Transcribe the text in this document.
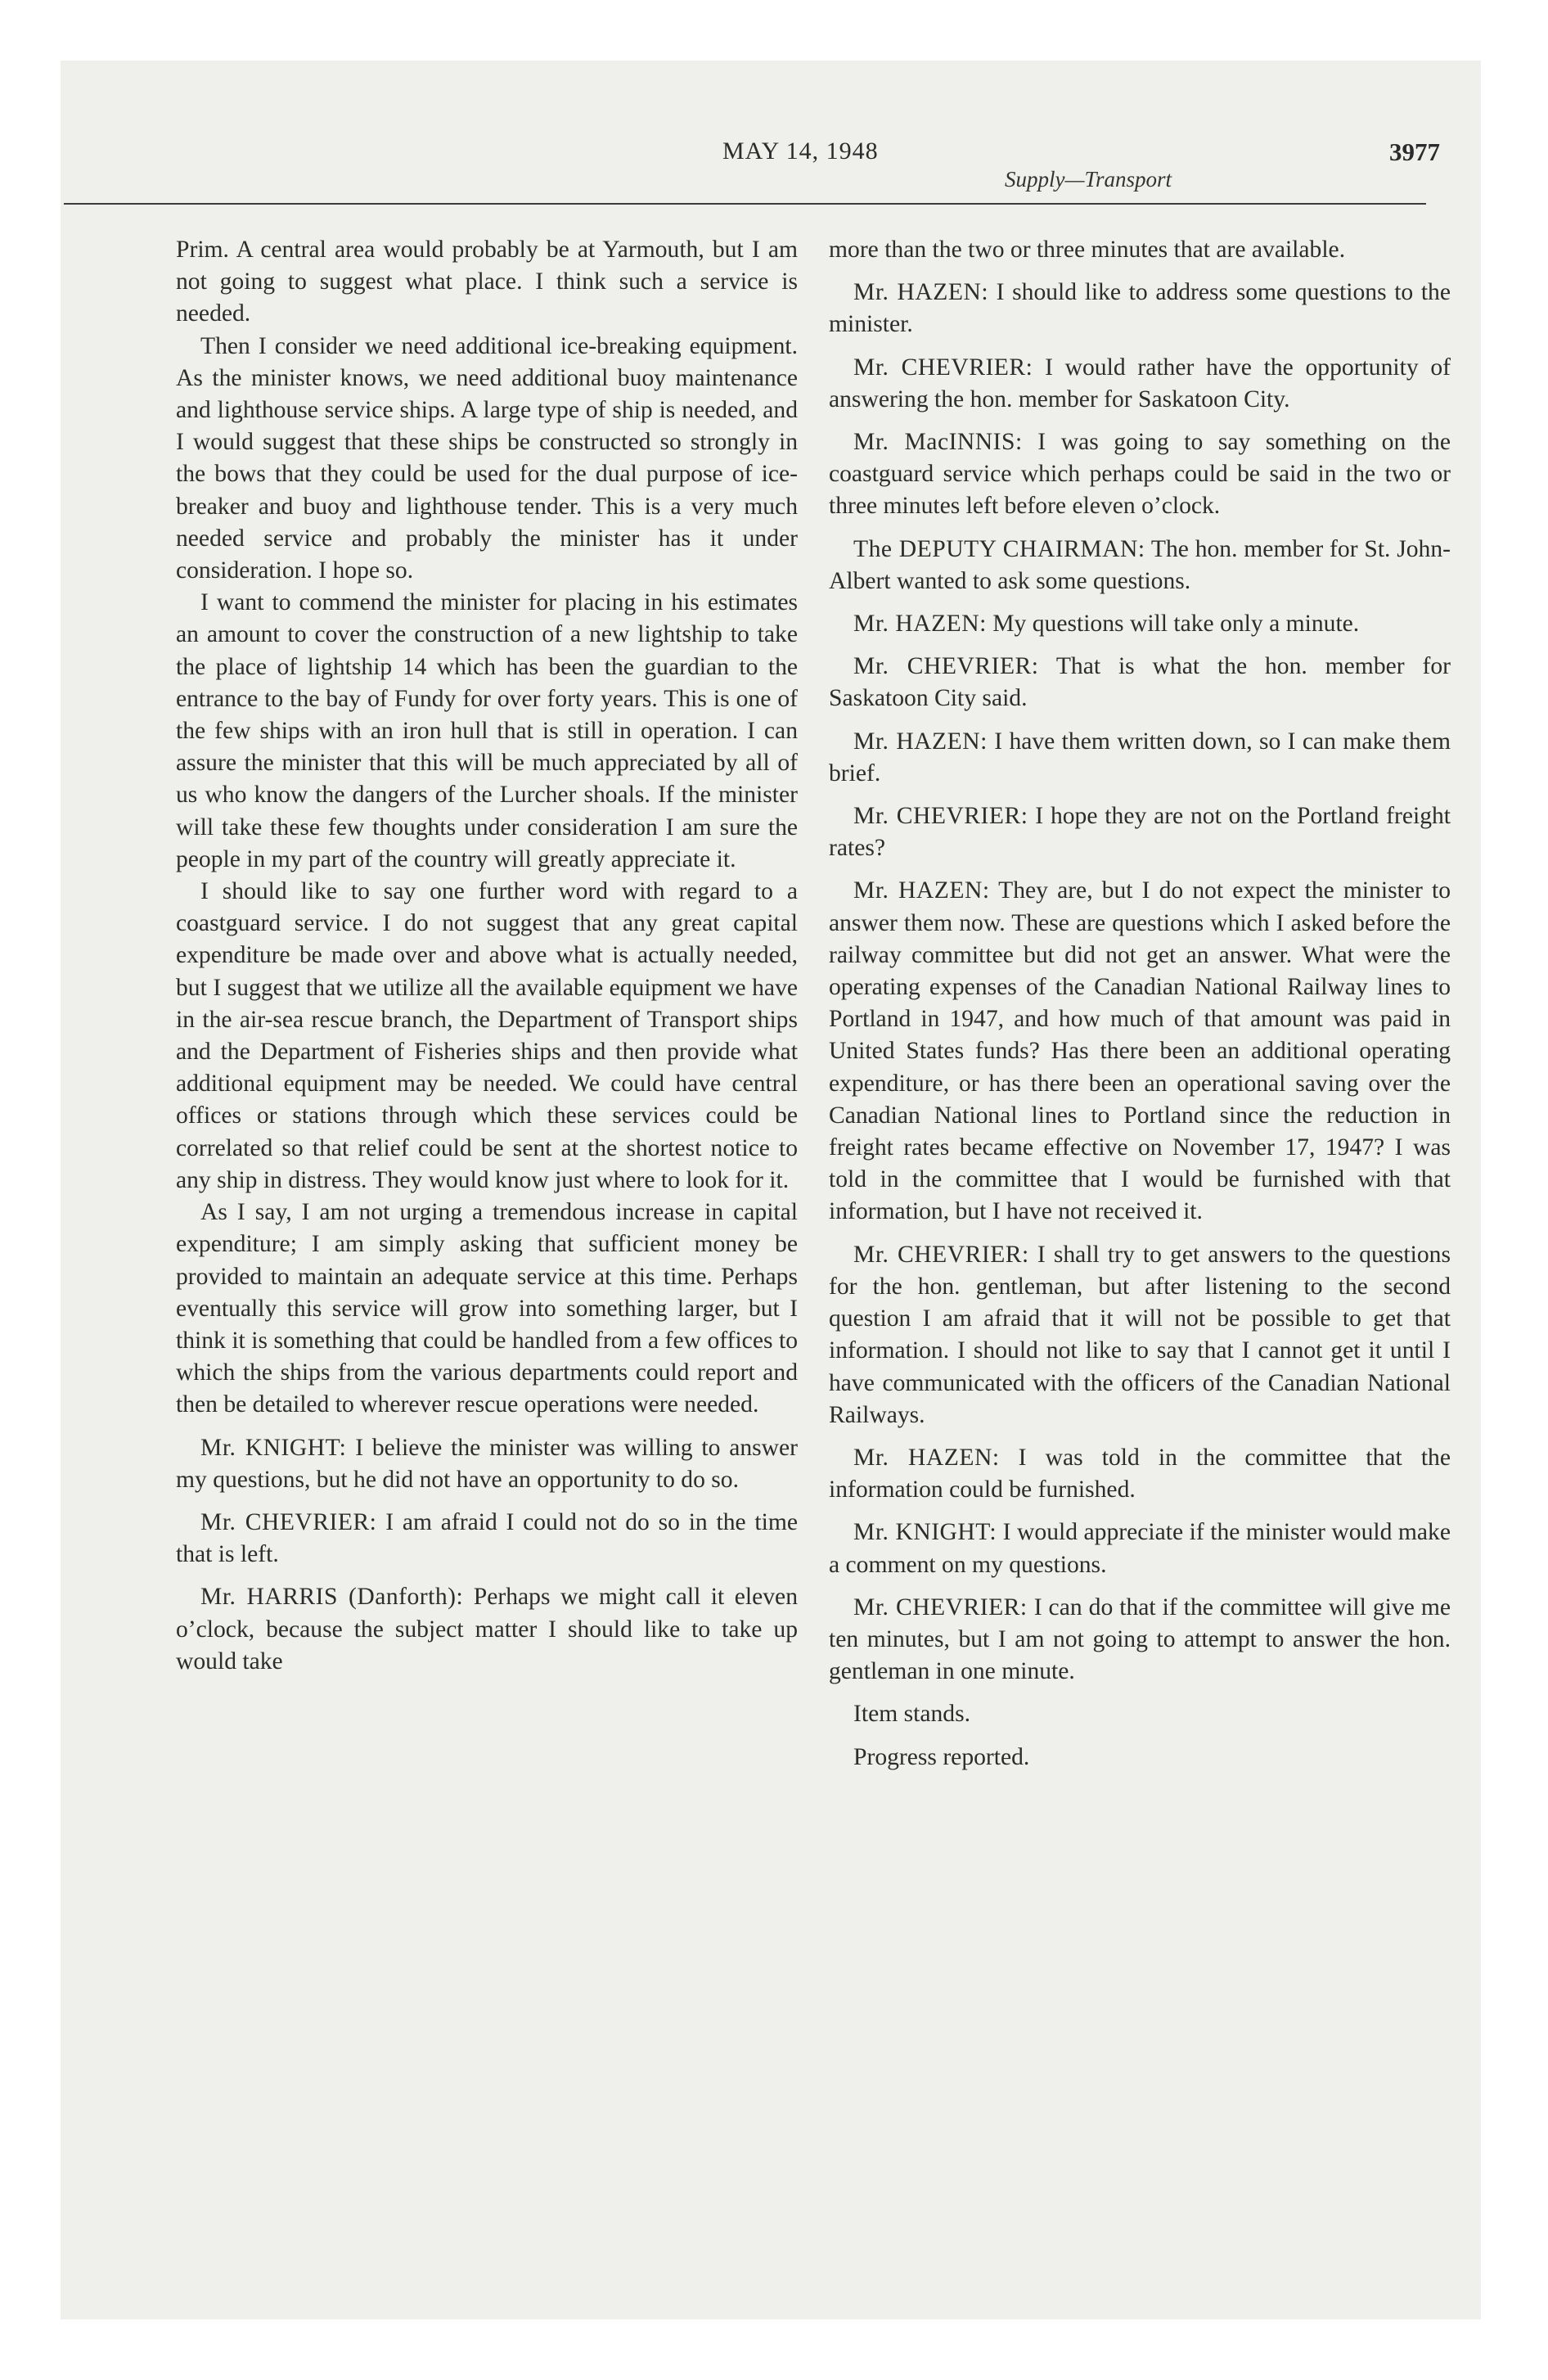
MAY 14, 1948	3977
Supply—Transport

Prim. A central area would probably be at Yarmouth, but I am not going to suggest what place. I think such a service is needed.

Then I consider we need additional ice-breaking equipment. As the minister knows, we need additional buoy maintenance and lighthouse service ships. A large type of ship is needed, and I would suggest that these ships be constructed so strongly in the bows that they could be used for the dual purpose of ice-breaker and buoy and lighthouse tender. This is a very much needed service and probably the minister has it under consideration. I hope so.

I want to commend the minister for placing in his estimates an amount to cover the construction of a new lightship to take the place of lightship 14 which has been the guardian to the entrance to the bay of Fundy for over forty years. This is one of the few ships with an iron hull that is still in operation. I can assure the minister that this will be much appreciated by all of us who know the dangers of the Lurcher shoals. If the minister will take these few thoughts under consideration I am sure the people in my part of the country will greatly appreciate it.

I should like to say one further word with regard to a coastguard service. I do not suggest that any great capital expenditure be made over and above what is actually needed, but I suggest that we utilize all the available equipment we have in the air-sea rescue branch, the Department of Transport ships and the Department of Fisheries ships and then provide what additional equipment may be needed. We could have central offices or stations through which these services could be correlated so that relief could be sent at the shortest notice to any ship in distress. They would know just where to look for it.

As I say, I am not urging a tremendous increase in capital expenditure; I am simply asking that sufficient money be provided to maintain an adequate service at this time. Perhaps eventually this service will grow into something larger, but I think it is something that could be handled from a few offices to which the ships from the various departments could report and then be detailed to wherever rescue operations were needed.

Mr. KNIGHT: I believe the minister was willing to answer my questions, but he did not have an opportunity to do so.

Mr. CHEVRIER: I am afraid I could not do so in the time that is left.

Mr. HARRIS (Danforth): Perhaps we might call it eleven o’clock, because the subject matter I should like to take up would take

more than the two or three minutes that are available.

Mr. HAZEN: I should like to address some questions to the minister.

Mr. CHEVRIER: I would rather have the opportunity of answering the hon. member for Saskatoon City.

Mr. MacINNIS: I was going to say something on the coastguard service which perhaps could be said in the two or three minutes left before eleven o’clock.

The DEPUTY CHAIRMAN: The hon. member for St. John-Albert wanted to ask some questions.

Mr. HAZEN: My questions will take only a minute.

Mr. CHEVRIER: That is what the hon. member for Saskatoon City said.

Mr. HAZEN: I have them written down, so I can make them brief.

Mr. CHEVRIER: I hope they are not on the Portland freight rates?

Mr. HAZEN: They are, but I do not expect the minister to answer them now. These are questions which I asked before the railway committee but did not get an answer. What were the operating expenses of the Canadian National Railway lines to Portland in 1947, and how much of that amount was paid in United States funds? Has there been an additional operating expenditure, or has there been an operational saving over the Canadian National lines to Portland since the reduction in freight rates became effective on November 17, 1947? I was told in the committee that I would be furnished with that information, but I have not received it.

Mr. CHEVRIER: I shall try to get answers to the questions for the hon. gentleman, but after listening to the second question I am afraid that it will not be possible to get that information. I should not like to say that I cannot get it until I have communicated with the officers of the Canadian National Railways.

Mr. HAZEN: I was told in the committee that the information could be furnished.

Mr. KNIGHT: I would appreciate if the minister would make a comment on my questions.

Mr. CHEVRIER: I can do that if the committee will give me ten minutes, but I am not going to attempt to answer the hon. gentleman in one minute.

Item stands.

Progress reported.
